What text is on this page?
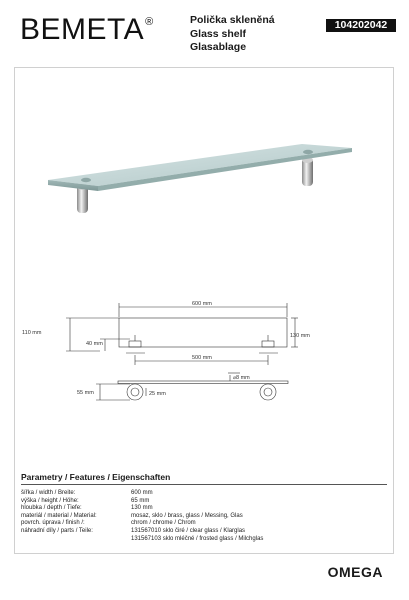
BEMETA®	Polička skleněná
Glass shelf
Glasablage
104202042
600 mm
130 mm
110 mm
40 mm
500 mm
8 mm
55 mm	25 mm
⌀
Parametry / Features / Eigenschaften
šířka / width / Breite:	600 mm
výška / height / Höhe:	65 mm
hloubka / depth / Tiefe:	130 mm
materiál / material / Material:	mosaz, sklo / brass, glass / Messing, Glas
povrch. úprava / finish /:	chrom / chrome / Chrom
náhradní díly / parts / Teile:	131567010 sklo čiré / clear glass / Klarglas
131567103 sklo mléčné / frosted glass / Milchglas
OMEGA
